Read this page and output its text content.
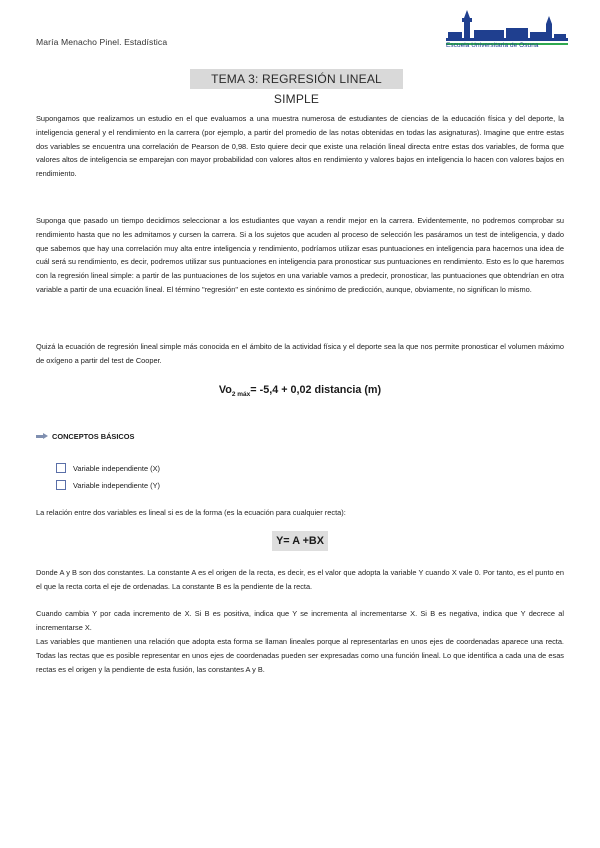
María Menacho Pinel. Estadística	Escuela Universitaria de Osuna
TEMA 3: REGRESIÓN LINEAL SIMPLE

Supongamos que realizamos un estudio en el que evaluamos a una muestra numerosa de estudiantes de ciencias de la educación física y del deporte, la inteligencia general y el rendimiento en la carrera (por ejemplo, a partir del promedio de las notas obtenidas en todas las asignaturas). Imagine que entre estas dos variables se encuentra una correlación de Pearson de 0,98. Esto quiere decir que existe una relación lineal directa entre estas dos variables, de forma que valores altos de inteligencia se emparejan con mayor probabilidad con valores altos en rendimiento y valores bajos en inteligencia lo hacen con valores bajos en rendimiento.

Suponga que pasado un tiempo decidimos seleccionar a los estudiantes que vayan a rendir mejor en la carrera. Evidentemente, no podremos comprobar su rendimiento hasta que no les admitamos y cursen la carrera. Si a los sujetos que acuden al proceso de selección les pasáramos un test de inteligencia, y dado que sabemos que hay una correlación muy alta entre inteligencia y rendimiento, podríamos utilizar esas puntuaciones en inteligencia para hacernos una idea de cuál será su rendimiento, es decir, podremos utilizar sus puntuaciones en inteligencia para pronosticar sus puntuaciones en rendimiento. Esto es lo que haremos con la regresión lineal simple: a partir de las puntuaciones de los sujetos en una variable vamos a predecir, pronosticar, las puntuaciones que obtendrían en otra variable a partir de una ecuación lineal. El término "regresión" en este contexto es sinónimo de predicción, aunque, obviamente, no significan lo mismo.

Quizá la ecuación de regresión lineal simple más conocida en el ámbito de la actividad física y el deporte sea la que nos permite pronosticar el volumen máximo de oxígeno a partir del test de Cooper.

$Vo_{2 máx}= -5,4 + 0,02$ distancia (m)
CONCEPTOS BÁSICOS
Variable independiente (X)
Variable independiente (Y)

La relación entre dos variables es lineal si es de la forma (es la ecuación para cualquier recta):

Y= A +BX

Donde A y B son dos constantes. La constante A es el origen de la recta, es decir, es el valor que adopta la variable Y cuando X vale 0. Por tanto, es el punto en el que la recta corta el eje de ordenadas. La constante B es la pendiente de la recta.

Cuando cambia Y por cada incremento de X. Si B es positiva, indica que Y se incrementa al incrementarse X. Si B es negativa, indica que Y decrece al incrementarse X.

Las variables que mantienen una relación que adopta esta forma se llaman lineales porque al representarlas en unos ejes de coordenadas aparece una recta. Todas las rectas que es posible representar en unos ejes de coordenadas pueden ser expresadas como una función lineal. Lo que identifica a cada una de esas rectas es el origen y la pendiente de esta fusión, las constantes A y B.
